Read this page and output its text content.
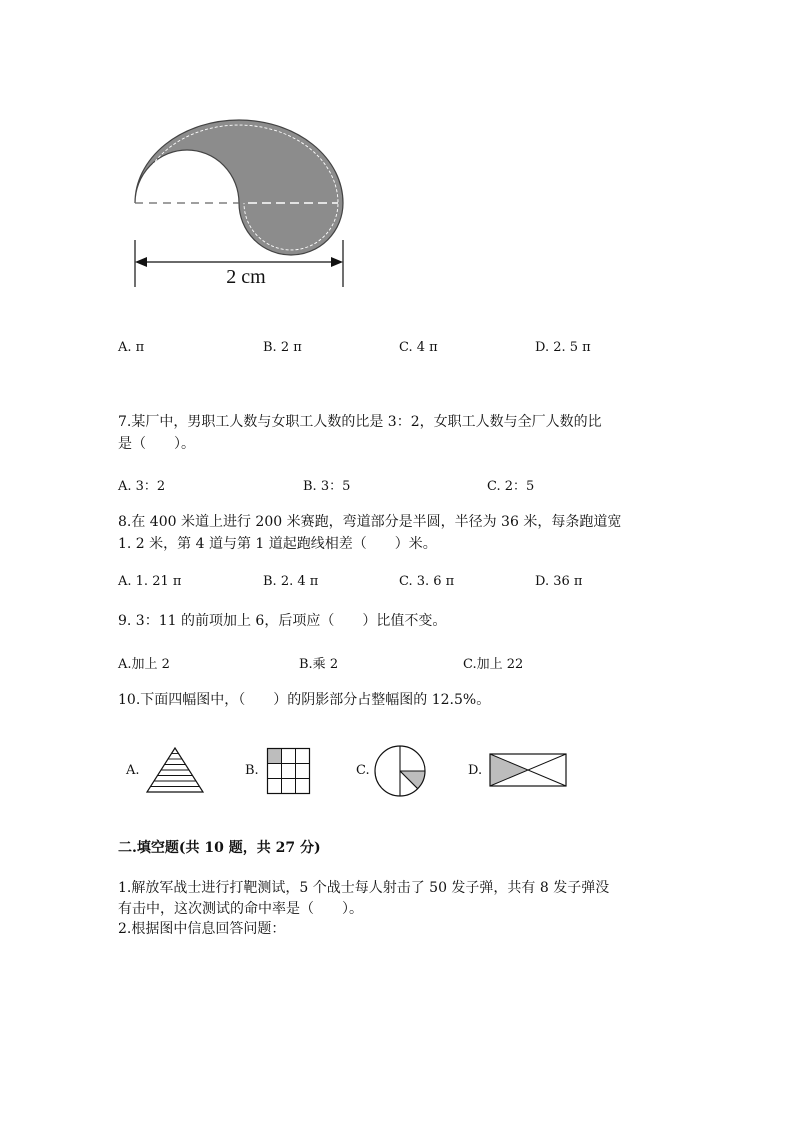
2 cm
A. π	B. 2 π	C. 4 π	D. 2. 5 π
7.某厂中，男职工人数与女职工人数的比是 3：2，女职工人数与全厂人数的比
是（　　）。
A. 3：2	B. 3：5	C. 2：5
8.在 400 米道上进行 200 米赛跑，弯道部分是半圆，半径为 36 米，每条跑道宽
1. 2 米，第 4 道与第 1 道起跑线相差（　　）米。
A. 1. 21 π	B. 2. 4 π	C. 3. 6 π	D. 36 π
9. 3：11 的前项加上 6，后项应（　　）比值不变。
A.加上 2	B.乘 2	C.加上 22
10.下面四幅图中，（　　）的阴影部分占整幅图的 12.5%。
A.	B.	C.	D.
二.填空题(共 10 题，共 27 分)
1.解放军战士进行打靶测试，5 个战士每人射击了 50 发子弹，共有 8 发子弹没
有击中，这次测试的命中率是（　　）。
2.根据图中信息回答问题：
